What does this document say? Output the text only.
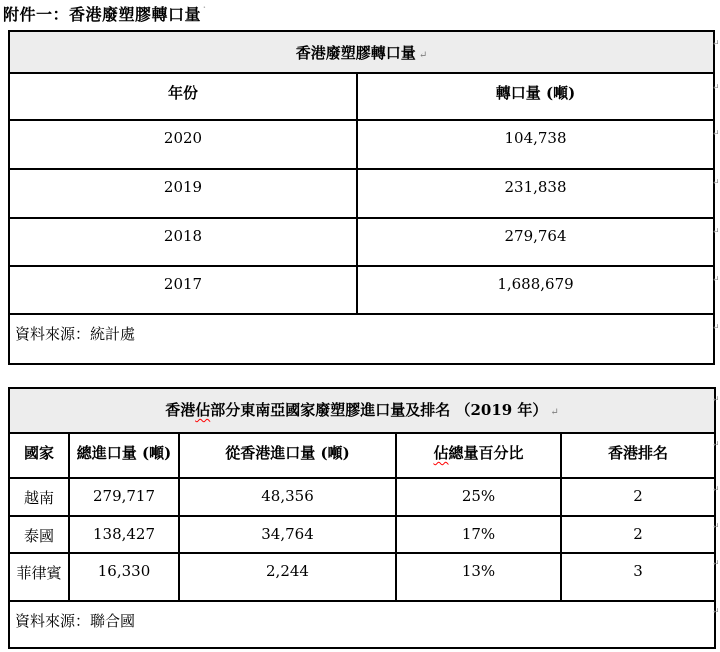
附件一：香港廢塑膠轉口量 ·
香港廢塑膠轉口量 ↵	
年份	轉口量 (噸)
2020	104,738
2019	231,838
2018	279,764
2017	1,688,679
資料來源：統計處	
香港佔部分東南亞國家廢塑膠進口量及排名 （2019 年） ↵				
國家	總進口量 (噸)	從香港進口量 (噸)	佔總量百分比	香港排名
越南	279,717	48,356	25%	2
泰國	138,427	34,764	17%	2
菲律賓	16,330	2,244	13%	3
資料來源：聯合國				
↵
↵
↵
↵
↵
↵
↵
↵
↵
↵
↵
↵
↵
